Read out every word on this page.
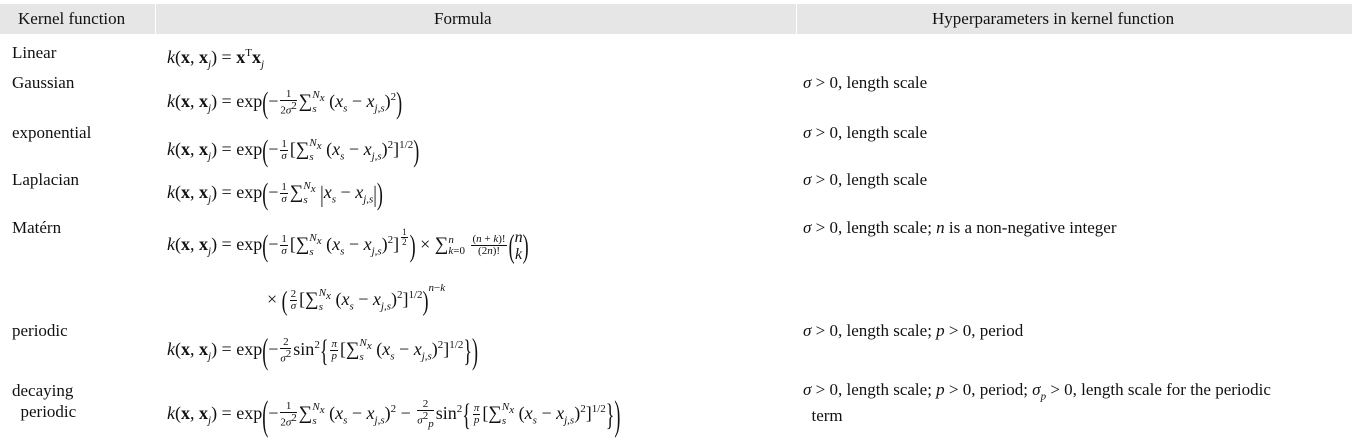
Kernel function	Formula	Hyperparameters in kernel function
Linear
Gaussian
exponential
Laplacian
Matérn
periodic
decaying
periodic
σ > 0, length scale
σ > 0, length scale
σ > 0, length scale
σ > 0, length scale; n is a non-negative integer
σ > 0, length scale; p > 0, period
σ > 0, length scale; p > 0, period; $\sigma_p > 0$, length scale for the periodic
term
k(x, $x_j) = x^Tx_j$
k(x, $x_j) = \exp(- \frac{1}{2\sigma^2}$ ∑ $N_x$
s $(x_s - x_{j,s})^2$)
k(x, $x_j) = \exp(- \frac{1}{\sigma}$ [∑ $N_x$
s $(x_s - x_{j,s})^2]^{1/2}$)
k(x, $x_j) = \exp(- \frac{1}{\sigma}$ ∑ $N_x$
s $|x_s - x_{j,s}|$)
k(x, $x_j) = \exp(- \frac{1}{\sigma}$ [∑ $N_x$
s $(x_s - x_{j,s})^2] \frac{1}{2}$ ) × ∑ n
k=0
$\frac{(n + k)!}{(2n)!}$ ( n
k )
× ( $\frac{2}{\sigma}$ [∑ $N_x$
s $(x_s - x_{j,s})^2]^{1/2})^{n-k}$
k(x, $x_j) = \exp(- \frac{2}{\sigma^2} \sin^2\{ \frac{\pi}{p}$ [∑ $N_x$
s $(x_s - x_{j,s})^2]^{1/2}$})
k(x, $x_j) = \exp(- \frac{1}{2\sigma^2}$ ∑ $N_x$
s $(x_s - x_{j,s})^2 - \frac{2}{\sigma^2_p} \sin^2\{ \frac{\pi}{p}$ [∑ $N_x$
s $(x_s - x_{j,s})^2]^{1/2}$})
